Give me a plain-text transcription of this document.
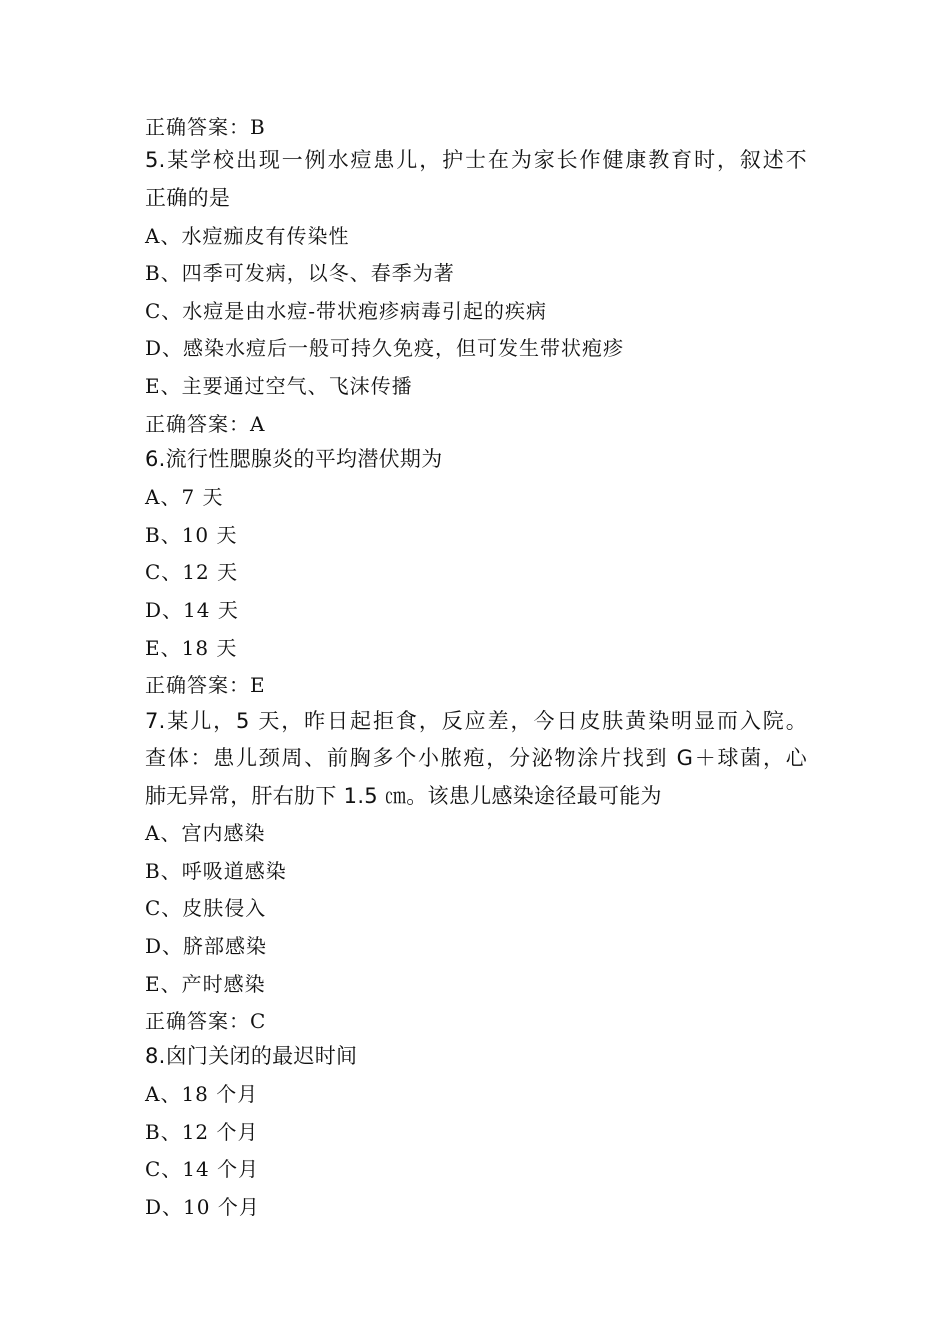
正确答案：B
5.某学校出现一例水痘患儿，护士在为家长作健康教育时，叙述不
正确的是
A、水痘痂皮有传染性
B、四季可发病，以冬、春季为著
C、水痘是由水痘-带状疱疹病毒引起的疾病
D、感染水痘后一般可持久免疫，但可发生带状疱疹
E、主要通过空气、飞沫传播
正确答案：A
6.流行性腮腺炎的平均潜伏期为
A、7 天
B、10 天
C、12 天
D、14 天
E、18 天
正确答案：E
7.某儿，5 天，昨日起拒食，反应差，今日皮肤黄染明显而入院。
查体：患儿颈周、前胸多个小脓疱，分泌物涂片找到 G＋球菌，心
肺无异常，肝右肋下 1.5 ㎝。该患儿感染途径最可能为
A、宫内感染
B、呼吸道感染
C、皮肤侵入
D、脐部感染
E、产时感染
正确答案：C
8.囟门关闭的最迟时间
A、18 个月
B、12 个月
C、14 个月
D、10 个月
